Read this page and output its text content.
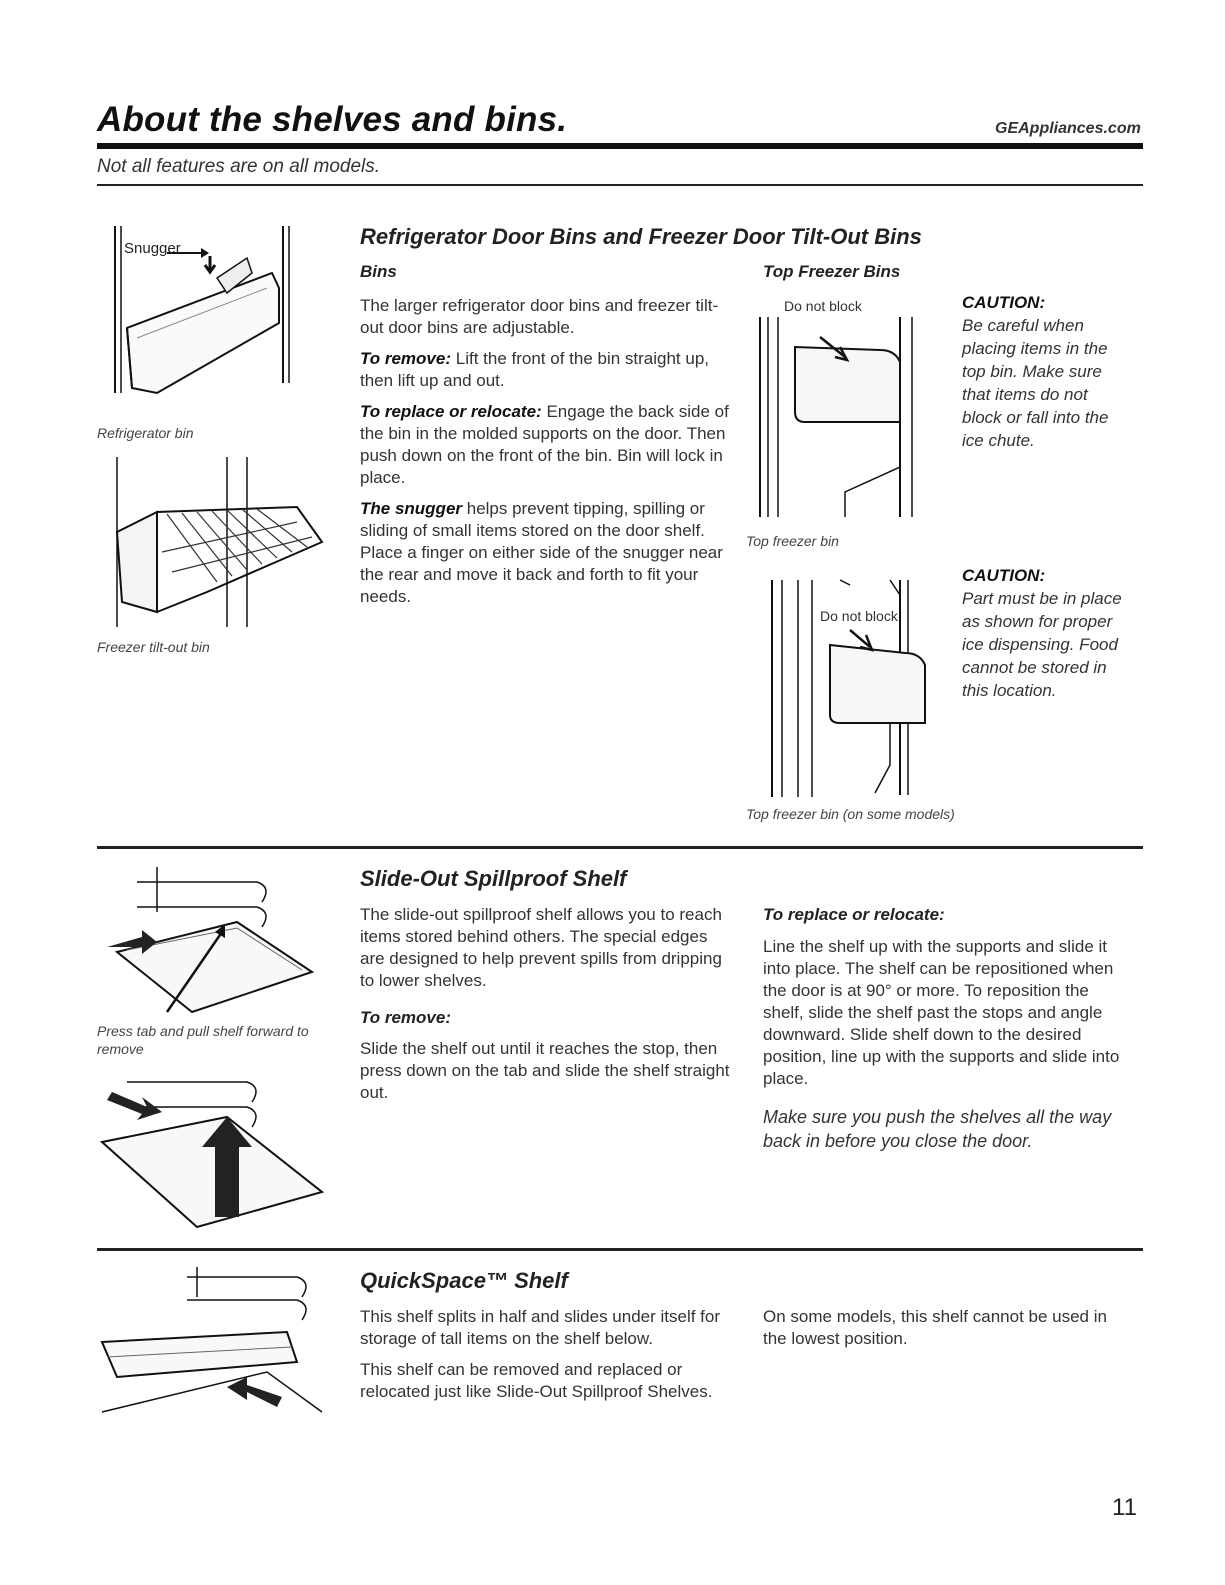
About the shelves and bins.	GEAppliances.com
Not all features are on all models.
Snugger
Refrigerator bin
Freezer tilt-out bin
Refrigerator Door Bins and Freezer Door Tilt-Out Bins
Bins

The larger refrigerator door bins and freezer tilt-out door bins are adjustable.

To remove: Lift the front of the bin straight up, then lift up and out.

To replace or relocate: Engage the back side of the bin in the molded supports on the door. Then push down on the front of the bin. Bin will lock in place.

The snugger helps prevent tipping, spilling or sliding of small items stored on the door shelf. Place a finger on either side of the snugger near the rear and move it back and forth to fit your needs.

Top Freezer Bins
Do not block
Top freezer bin
CAUTION:
Be careful when placing items in the top bin. Make sure that items do not block or fall into the ice chute.
Do not block
CAUTION:
Part must be in place as shown for proper ice dispensing. Food cannot be stored in this location.
Top freezer bin (on some models)
Press tab and pull shelf forward to remove
Slide-Out Spillproof Shelf
The slide-out spillproof shelf allows you to reach items stored behind others. The special edges are designed to help prevent spills from dripping to lower shelves.
To remove:
Slide the shelf out until it reaches the stop, then press down on the tab and slide the shelf straight out.
To replace or relocate:
Line the shelf up with the supports and slide it into place. The shelf can be repositioned when the door is at 90° or more. To reposition the shelf, slide the shelf past the stops and angle downward. Slide shelf down to the desired position, line up with the supports and slide into place.
Make sure you push the shelves all the way back in before you close the door.
QuickSpace™ Shelf

This shelf splits in half and slides under itself for storage of tall items on the shelf below.

This shelf can be removed and replaced or relocated just like Slide-Out Spillproof Shelves.

On some models, this shelf cannot be used in the lowest position.
11
